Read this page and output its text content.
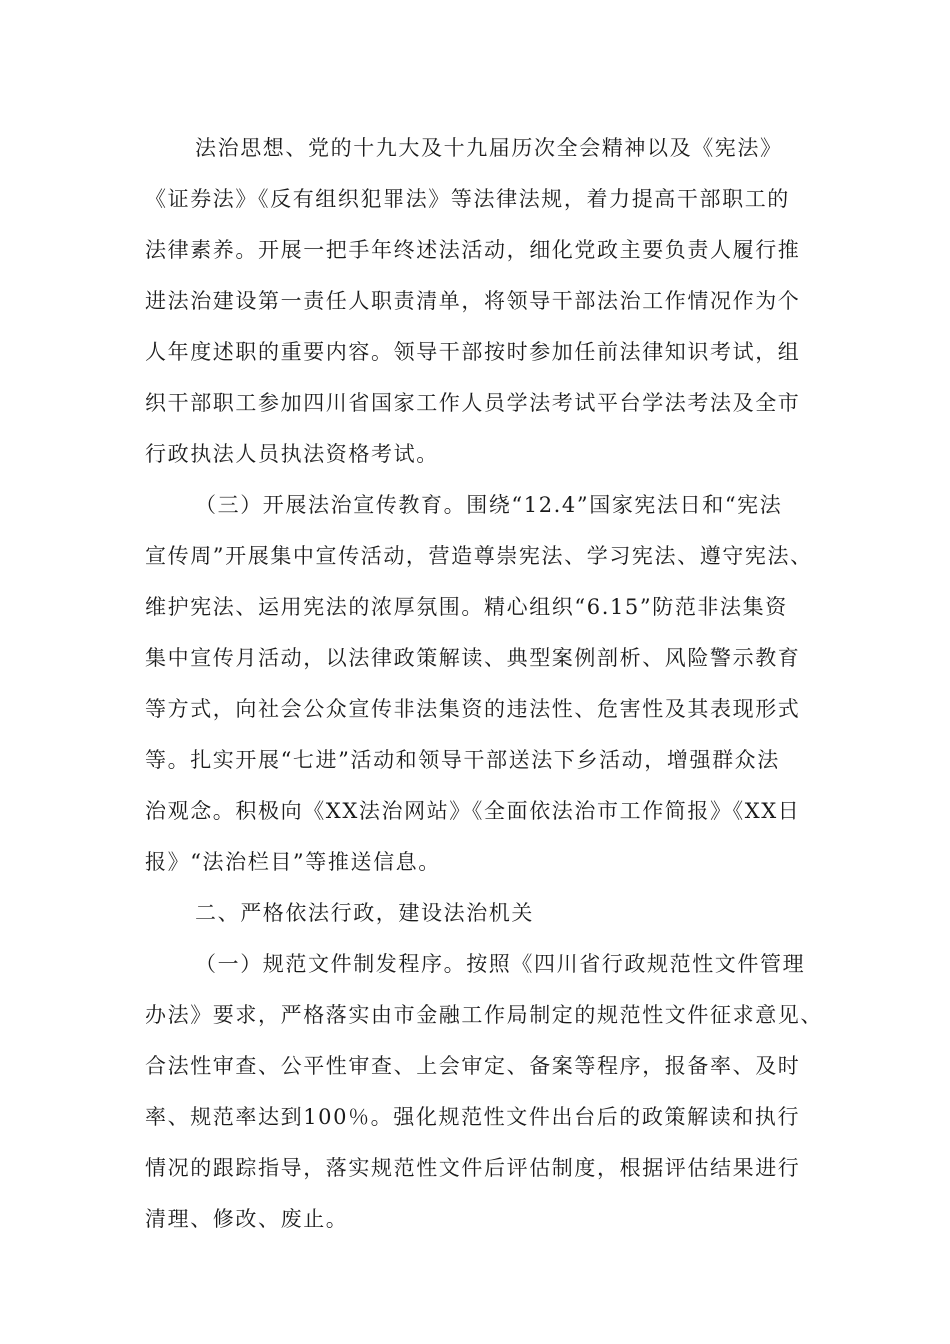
法治思想、党的十九大及十九届历次全会精神以及《宪法》
《证券法》《反有组织犯罪法》等法律法规，着力提高干部职工的
法律素养。开展一把手年终述法活动，细化党政主要负责人履行推
进法治建设第一责任人职责清单，将领导干部法治工作情况作为个
人年度述职的重要内容。领导干部按时参加任前法律知识考试，组
织干部职工参加四川省国家工作人员学法考试平台学法考法及全市
行政执法人员执法资格考试。
（三）开展法治宣传教育。围绕“12.4”国家宪法日和“宪法
宣传周”开展集中宣传活动，营造尊崇宪法、学习宪法、遵守宪法、
维护宪法、运用宪法的浓厚氛围。精心组织“6.15”防范非法集资
集中宣传月活动，以法律政策解读、典型案例剖析、风险警示教育
等方式，向社会公众宣传非法集资的违法性、危害性及其表现形式
等。扎实开展“七进”活动和领导干部送法下乡活动，增强群众法
治观念。积极向《XX法治网站》《全面依法治市工作简报》《XX日
报》“法治栏目”等推送信息。
二、严格依法行政，建设法治机关
（一）规范文件制发程序。按照《四川省行政规范性文件管理
办法》要求，严格落实由市金融工作局制定的规范性文件征求意见、
合法性审查、公平性审查、上会审定、备案等程序，报备率、及时
率、规范率达到100％。强化规范性文件出台后的政策解读和执行
情况的跟踪指导，落实规范性文件后评估制度，根据评估结果进行
清理、修改、废止。
